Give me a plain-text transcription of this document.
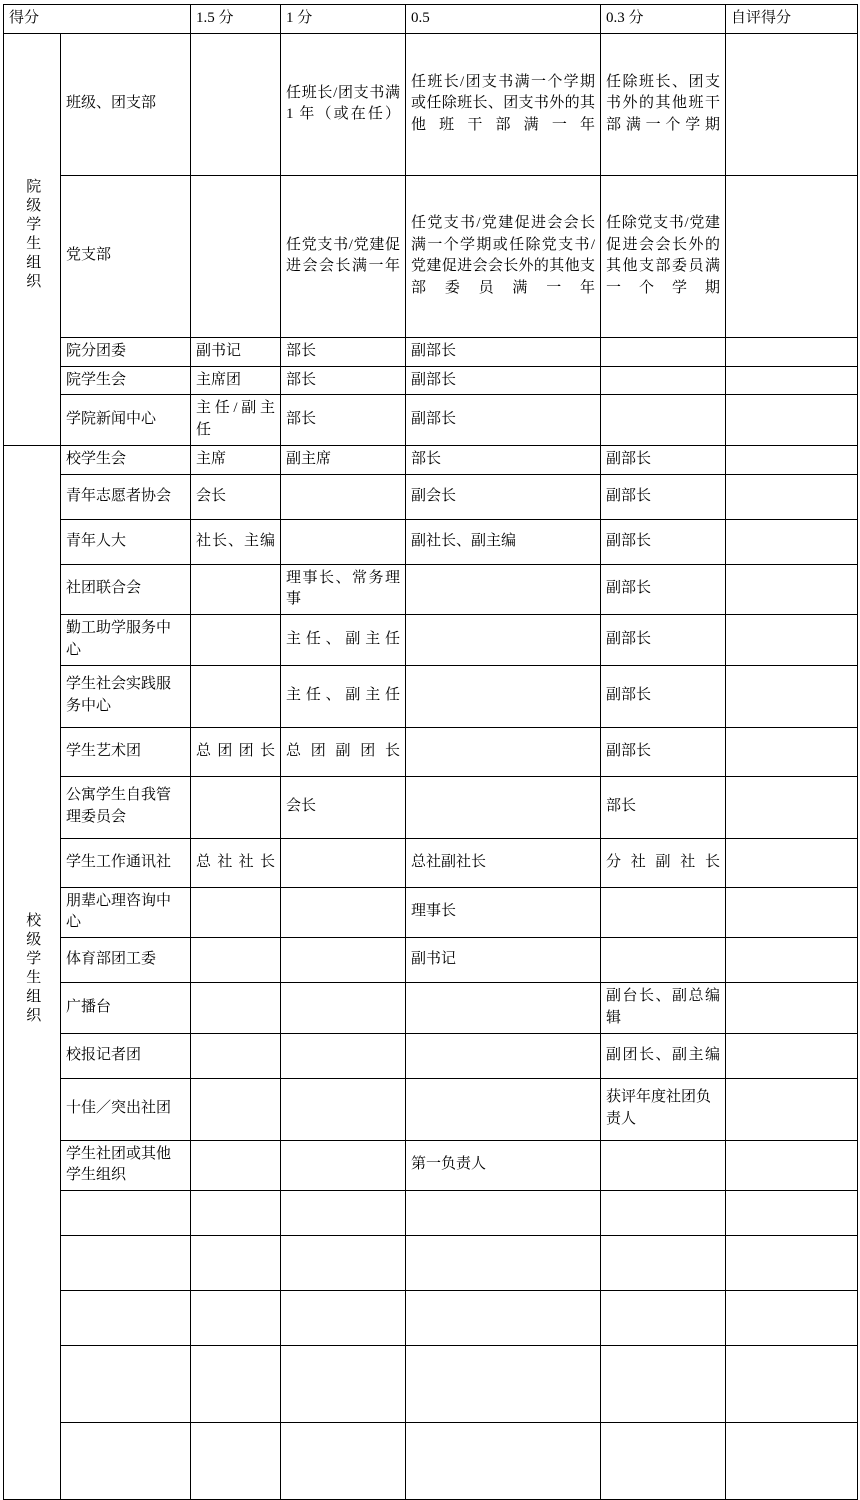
得分		1.5 分	1 分	0.5	0.3 分	自评得分
院级学生组织	班级、团支部		任班长/团支书满 1 年（或在任）	任班长/团支书满一个学期或任除班长、团支书外的其他班干部满一年	任除班长、团支书外的其他班干部满一个学期	
	党支部		任党支书/党建促进会会长满一年	任党支书/党建促进会会长满一个学期或任除党支书/党建促进会会长外的其他支部委员满一年	任除党支书/党建促进会会长外的其他支部委员满一个学期	
	院分团委	副书记	部长	副部长		
	院学生会	主席团	部长	副部长		
	学院新闻中心	主任/副主任	部长	副部长		
校级学生组织	校学生会	主席	副主席	部长	副部长	
	青年志愿者协会	会长		副会长	副部长	
	青年人大	社长、主编		副社长、副主编	副部长	
	社团联合会		理事长、常务理事		副部长	
	勤工助学服务中心		主任、副主任		副部长	
	学生社会实践服务中心		主任、副主任		副部长	
	学生艺术团	总团团长	总团副团长		副部长	
	公寓学生自我管理委员会		会长		部长	
	学生工作通讯社	总社社长		总社副社长	分社副社长	
	朋辈心理咨询中心			理事长		
	体育部团工委			副书记		
	广播台				副台长、副总编辑	
	校报记者团				副团长、副主编	
	十佳／突出社团				获评年度社团负责人	
	学生社团或其他学生组织			第一负责人		
